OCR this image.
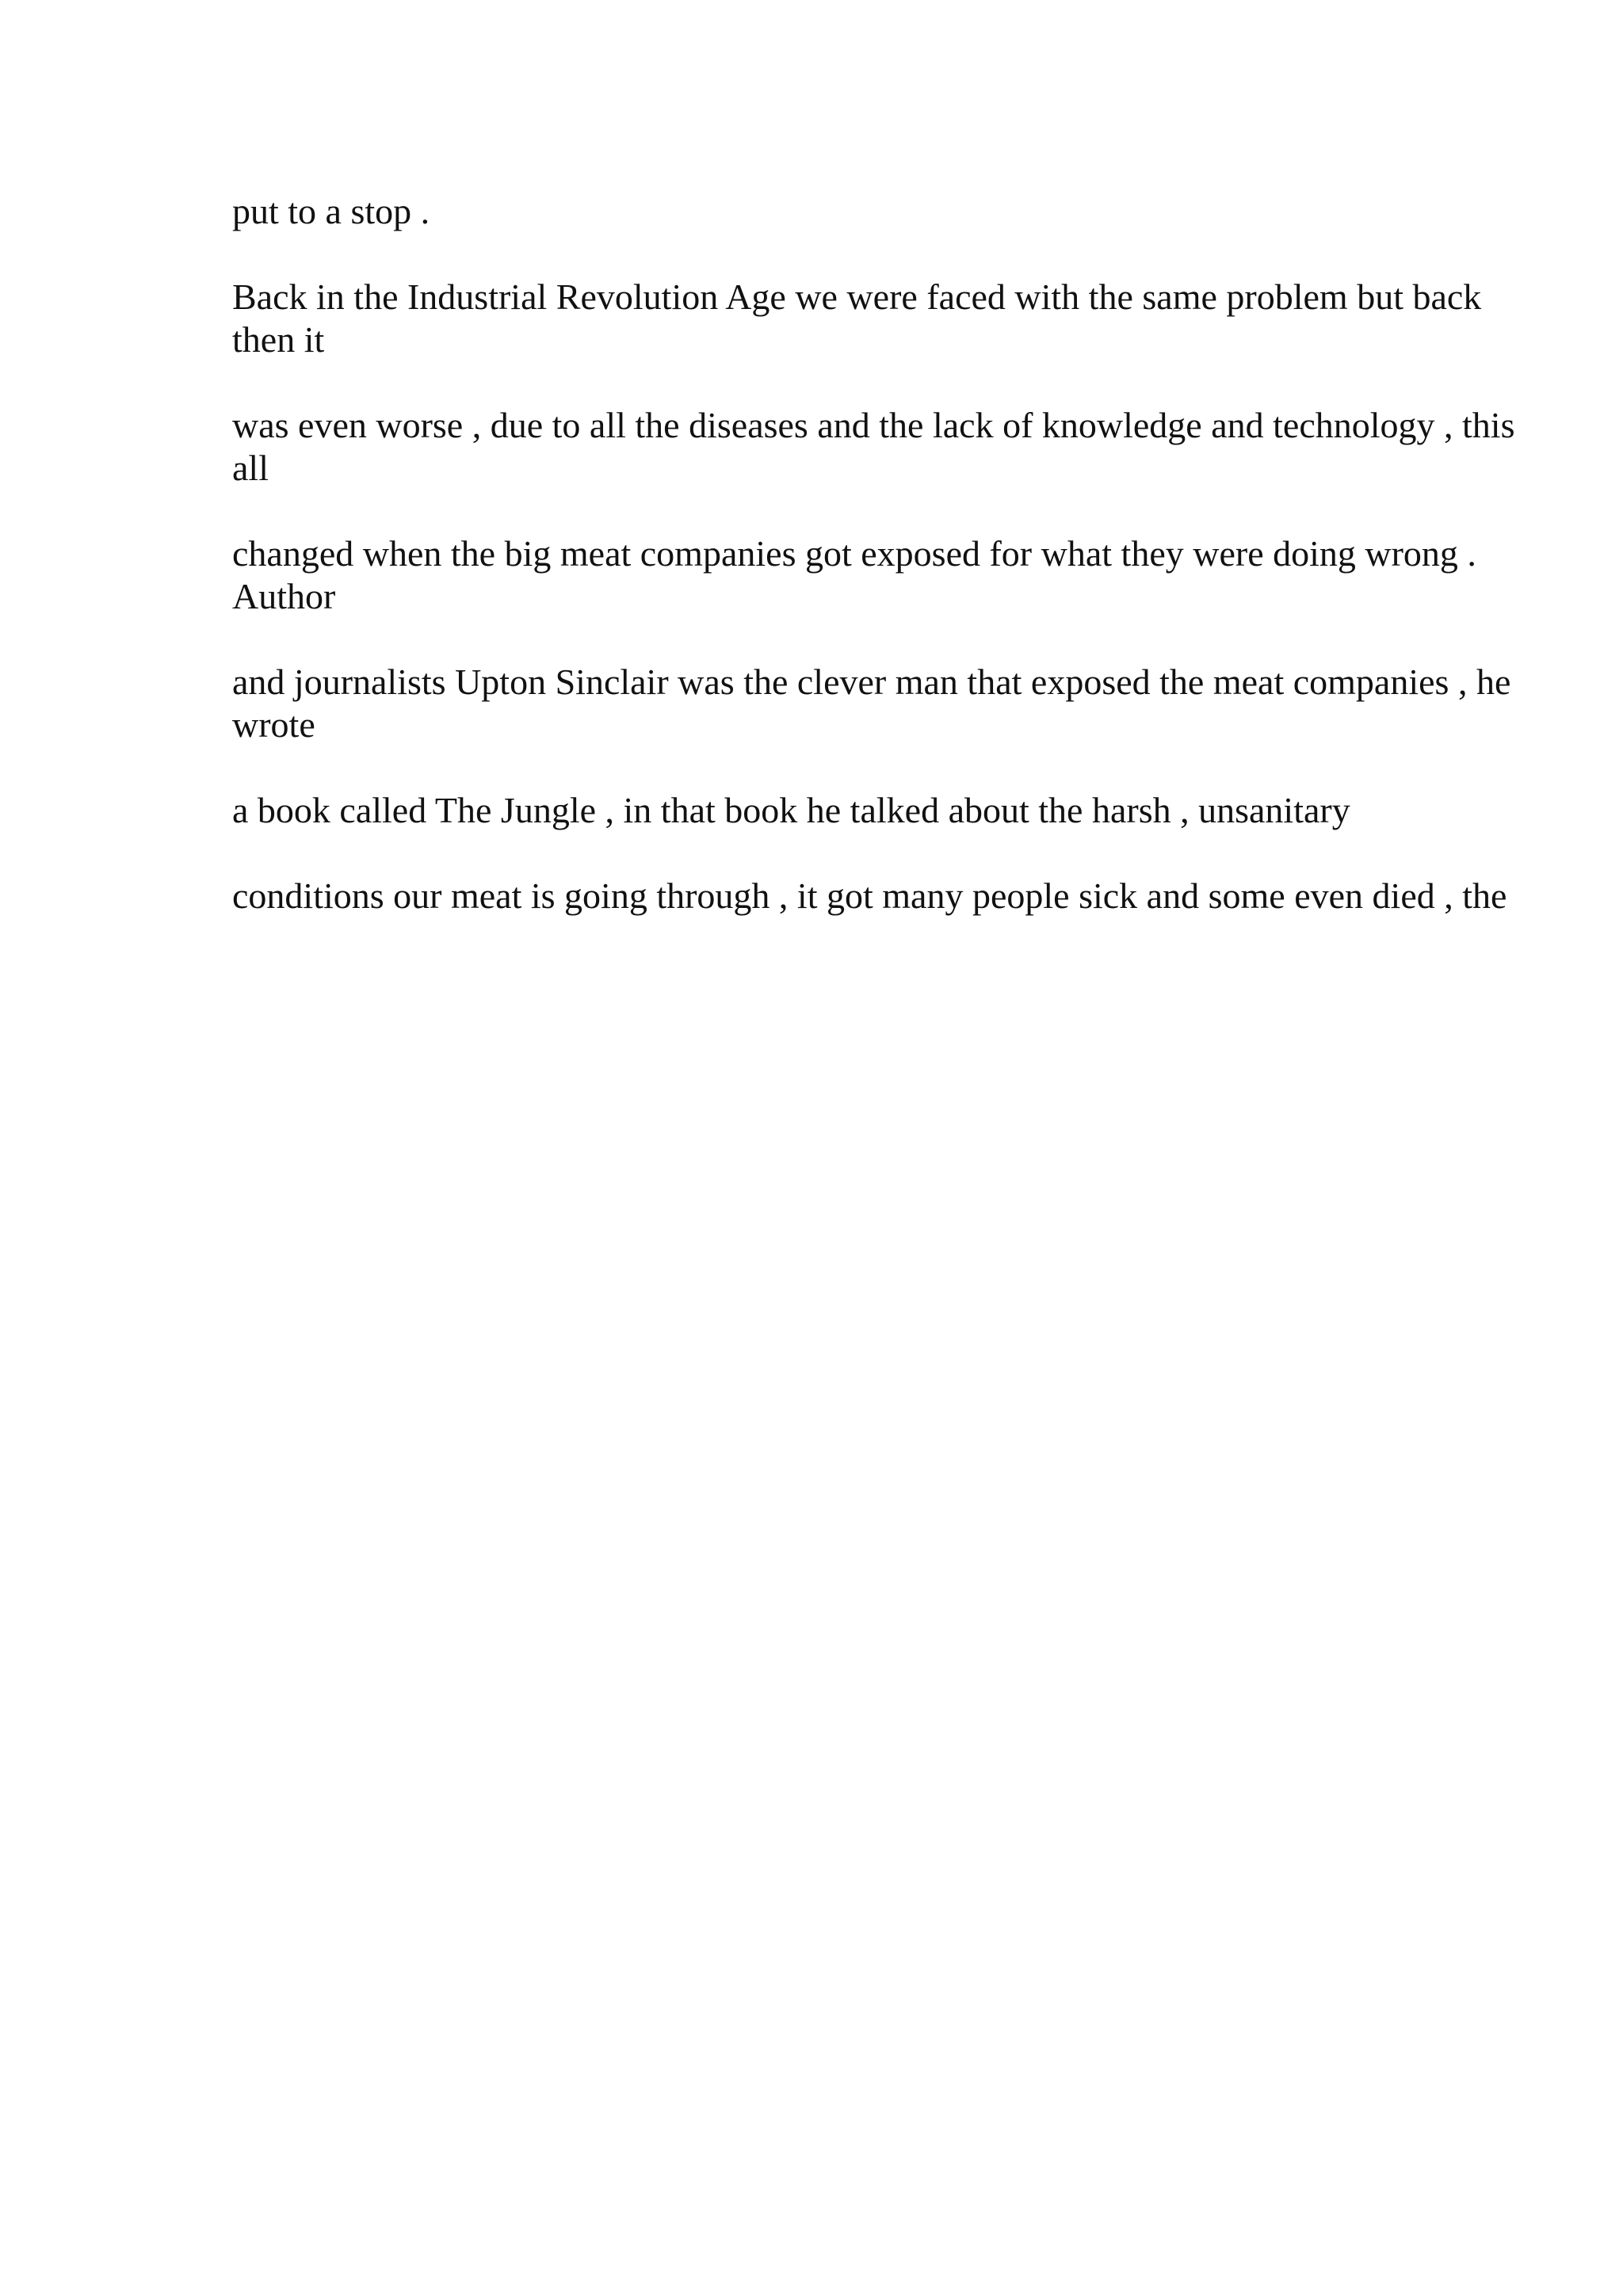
put to a stop .

Back in the Industrial Revolution Age we were faced with the same problem but back then it

was even worse , due to all the diseases and the lack of knowledge and technology , this all

changed when the big meat companies got exposed for what they were doing wrong . Author

and journalists Upton Sinclair was the clever man that exposed the meat companies , he wrote

a book called The Jungle , in that book he talked about the harsh , unsanitary

conditions our meat is going through , it got many people sick and some even died , the
